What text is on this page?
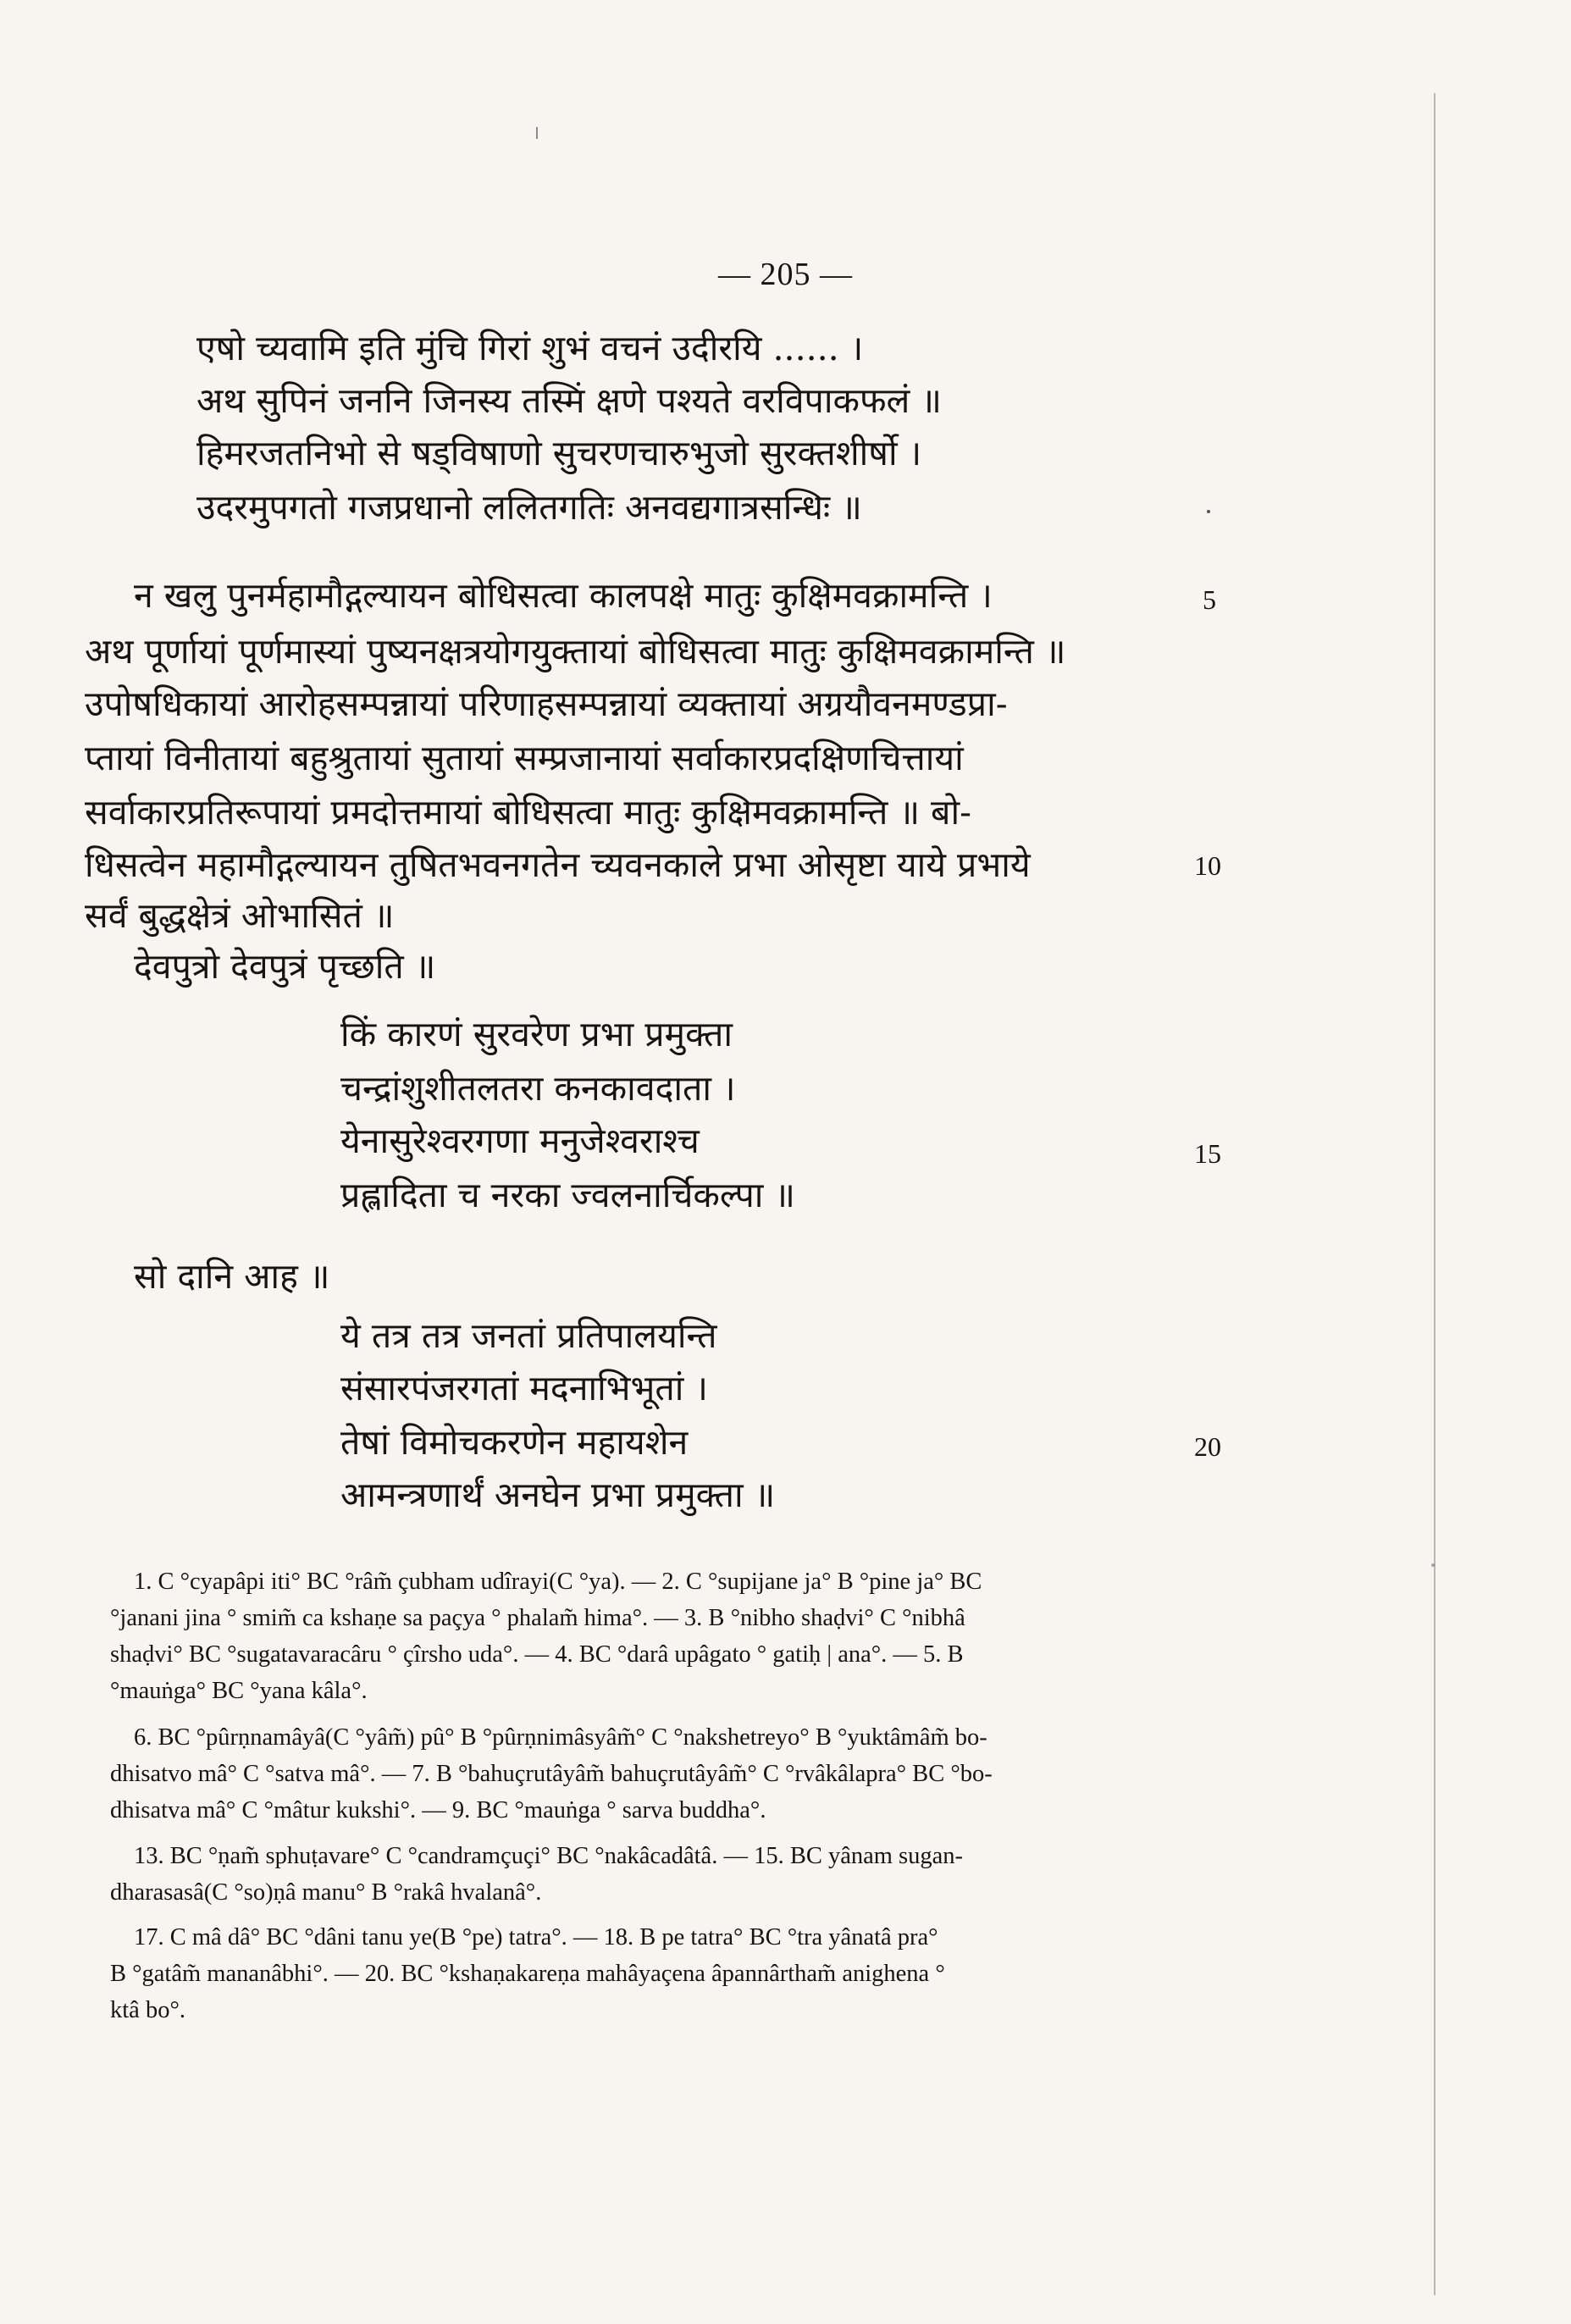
— 205 —
एषो च्यवामि इति मुंचि गिरां शुभं वचनं उदीरयि ...... ।
अथ सुपिनं जननि जिनस्य तस्मिं क्षणे पश्यते वरविपाकफलं ॥
हिमरजतनिभो से षड्विषाणो सुचरणचारुभुजो सुरक्तशीर्षो ।
उदरमुपगतो गजप्रधानो ललितगतिः अनवद्यगात्रसन्धिः ॥
न खलु पुनर्महामौद्गल्यायन बोधिसत्वा कालपक्षे मातुः कुक्षिमवक्रामन्ति ।
अथ पूर्णायां पूर्णमास्यां पुष्यनक्षत्रयोगयुक्तायां बोधिसत्वा मातुः कुक्षिमवक्रामन्ति ॥
उपोषधिकायां आरोहसम्पन्नायां परिणाहसम्पन्नायां व्यक्तायां अग्रयौवनमण्डप्रा-
प्तायां विनीतायां बहुश्रुतायां सुतायां सम्प्रजानायां सर्वाकारप्रदक्षिणचित्तायां
सर्वाकारप्रतिरूपायां प्रमदोत्तमायां बोधिसत्वा मातुः कुक्षिमवक्रामन्ति ॥ बो-
धिसत्वेन महामौद्गल्यायन तुषितभवनगतेन च्यवनकाले प्रभा ओसृष्टा याये प्रभाये
सर्वं बुद्धक्षेत्रं ओभासितं ॥
देवपुत्रो देवपुत्रं पृच्छति ॥
किं कारणं सुरवरेण प्रभा प्रमुक्ता
चन्द्रांशुशीतलतरा कनकावदाता ।
येनासुरेश्वरगणा मनुजेश्वराश्च
प्रह्लादिता च नरका ज्वलनार्चिकल्पा ॥
सो दानि आह ॥
ये तत्र तत्र जनतां प्रतिपालयन्ति
संसारपंजरगतां मदनाभिभूतां ।
तेषां विमोचकरणेन महायशेन
आमन्त्रणार्थं अनघेन प्रभा प्रमुक्ता ॥
5
10
15
20
1. C °cyapâpi iti° BC °râm̃ çubham udîrayi(C °ya). — 2. C °supijane ja° B °pine ja° BC
°janani jina ° smim̃ ca kshaṇe sa paçya ° phalam̃ hima°. — 3. B °nibho shaḍvi° C °nibhâ
shaḍvi° BC °sugatavaracâru ° çîrsho uda°. — 4. BC °darâ upâgato ° gatiḥ | ana°. — 5. B
°mauṅga° BC °yana kâla°.
6. BC °pûrṇnamâyâ(C °yâm̃) pû° B °pûrṇnimâsyâm̃° C °nakshetreyo° B °yuktâmâm̃ bo-
dhisatvo mâ° C °satva mâ°. — 7. B °bahuçrutâyâm̃ bahuçrutâyâm̃° C °rvâkâlapra° BC °bo-
dhisatva mâ° C °mâtur kukshi°. — 9. BC °mauṅga ° sarva buddha°.
13. BC °ṇam̃ sphuṭavare° C °candramçuçi° BC °nakâcadâtâ. — 15. BC yânam sugan-
dharasasâ(C °so)ṇâ manu° B °rakâ hvalanâ°.
17. C mâ dâ° BC °dâni tanu ye(B °pe) tatra°. — 18. B pe tatra° BC °tra yânatâ pra°
B °gatâm̃ mananâbhi°. — 20. BC °kshaṇakareṇa mahâyaçena âpannârtham̃ anighena °
ktâ bo°.
